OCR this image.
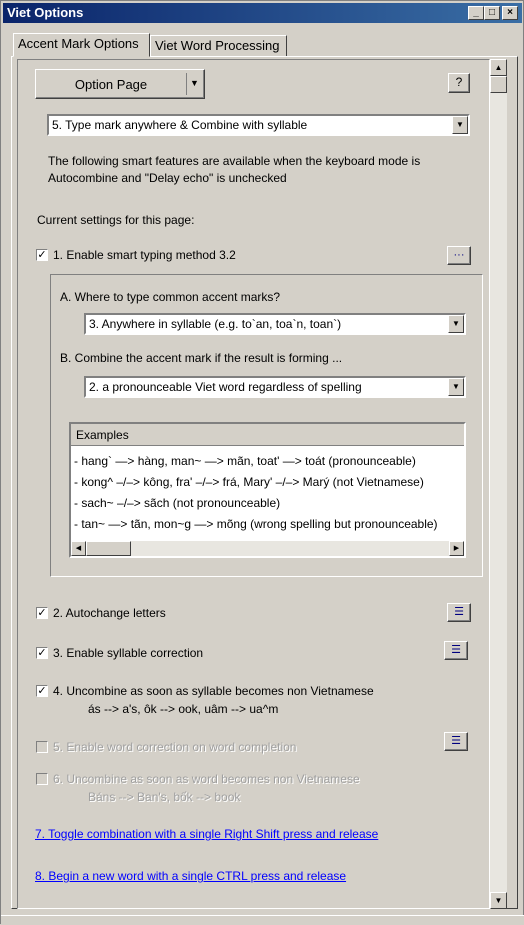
Viet Options	_	□	×
Accent Mark Options	Viet Word Processing
▲
▼
Option Page	▼	?
5. Type mark anywhere & Combine with syllable	▼
The following smart features are available when the keyboard mode is
Autocombine and "Delay echo" is unchecked
Current settings for this page:
✓ 1. Enable smart typing method 3.2	···
A. Where to type common accent marks?
3. Anywhere in syllable (e.g. to`an, toa`n, toan`)	▼
B. Combine the accent mark if the result is forming ...
2. a pronounceable Viet word regardless of spelling	▼
Examples
- hang` —> hàng, man~ —> mãn, toat' —> toát (pronounceable)
- kong^ –/–> kông, fra' –/–> frá, Mary' –/–> Marý (not Vietnamese)
- sach~ –/–> sãch (not pronounceable)
- tan~ —> tãn, mon~g —> mõng (wrong spelling but pronounceable)
◀	▶
✓ 2. Autochange letters	☰
✓ 3. Enable syllable correction	☰
✓ 4. Uncombine as soon as syllable becomes non Vietnamese
ás --> a's, ôk --> ook, uâm --> ua^m
5. Enable word correction on word completion	☰
6. Uncombine as soon as word becomes non Vietnamese
Báns --> Ban's, bốk --> book
7. Toggle combination with a single Right Shift press and release
8. Begin a new word with a single CTRL press and release
